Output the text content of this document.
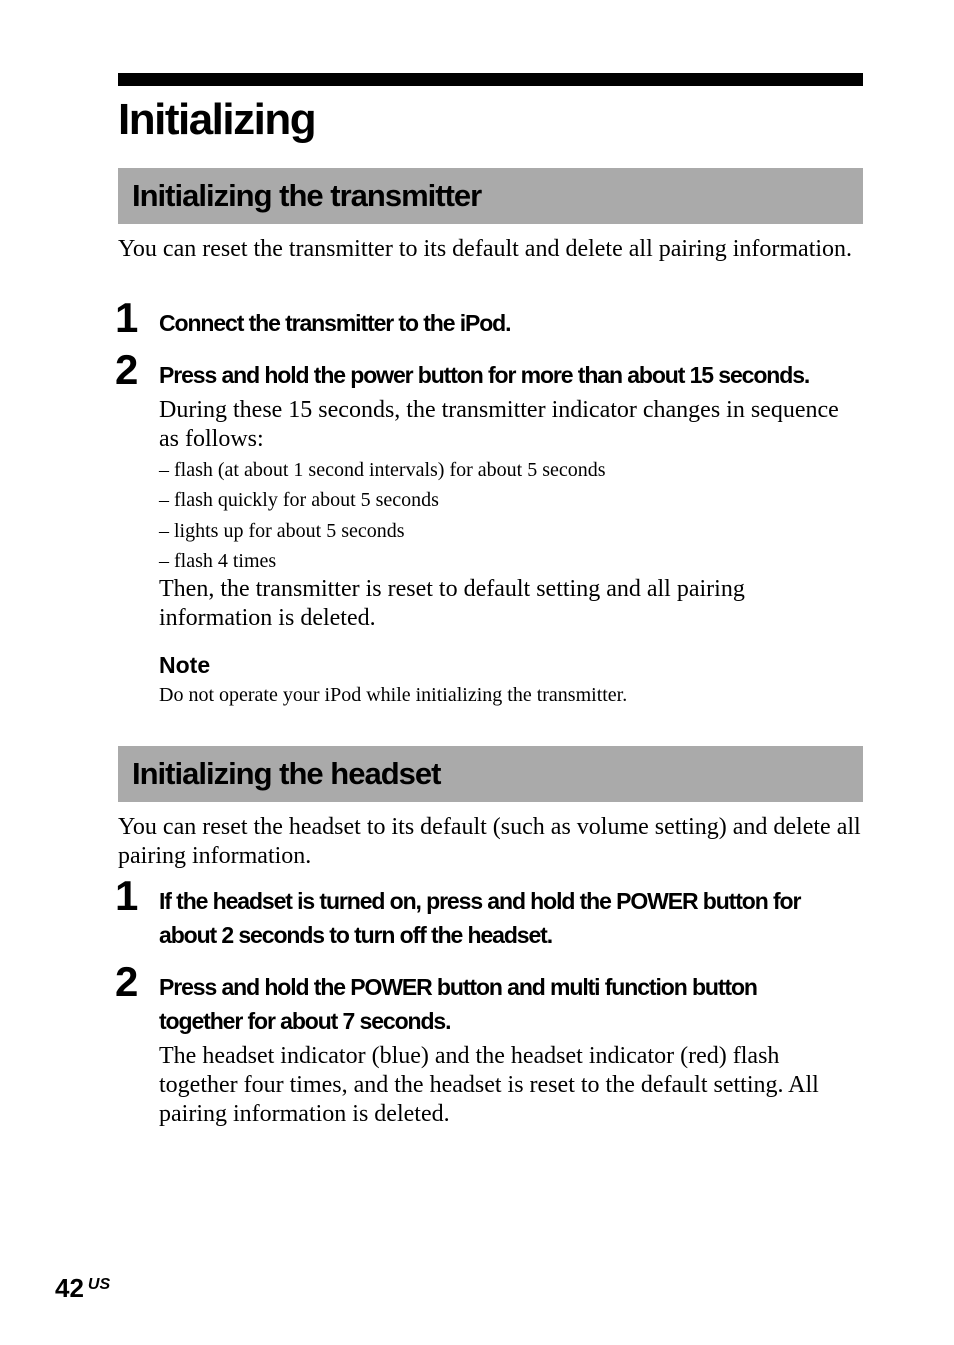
Initializing
Initializing the transmitter

You can reset the transmitter to its default and delete all pairing information.

1 Connect the transmitter to the iPod.

2 Press and hold the power button for more than about 15 seconds.

During these 15 seconds, the transmitter indicator changes in sequence as follows:

– flash (at about 1 second intervals) for about 5 seconds
– flash quickly for about 5 seconds
– lights up for about 5 seconds
– flash 4 times

Then, the transmitter is reset to default setting and all pairing information is deleted.

Note
Do not operate your iPod while initializing the transmitter.
Initializing the headset

You can reset the headset to its default (such as volume setting) and delete all pairing information.

1 If the headset is turned on, press and hold the POWER button for

about 2 seconds to turn off the headset.

2 Press and hold the POWER button and multi function button

together for about 7 seconds.

The headset indicator (blue) and the headset indicator (red) flash together four times, and the headset is reset to the default setting. All pairing information is deleted.

42 $^{US}$
